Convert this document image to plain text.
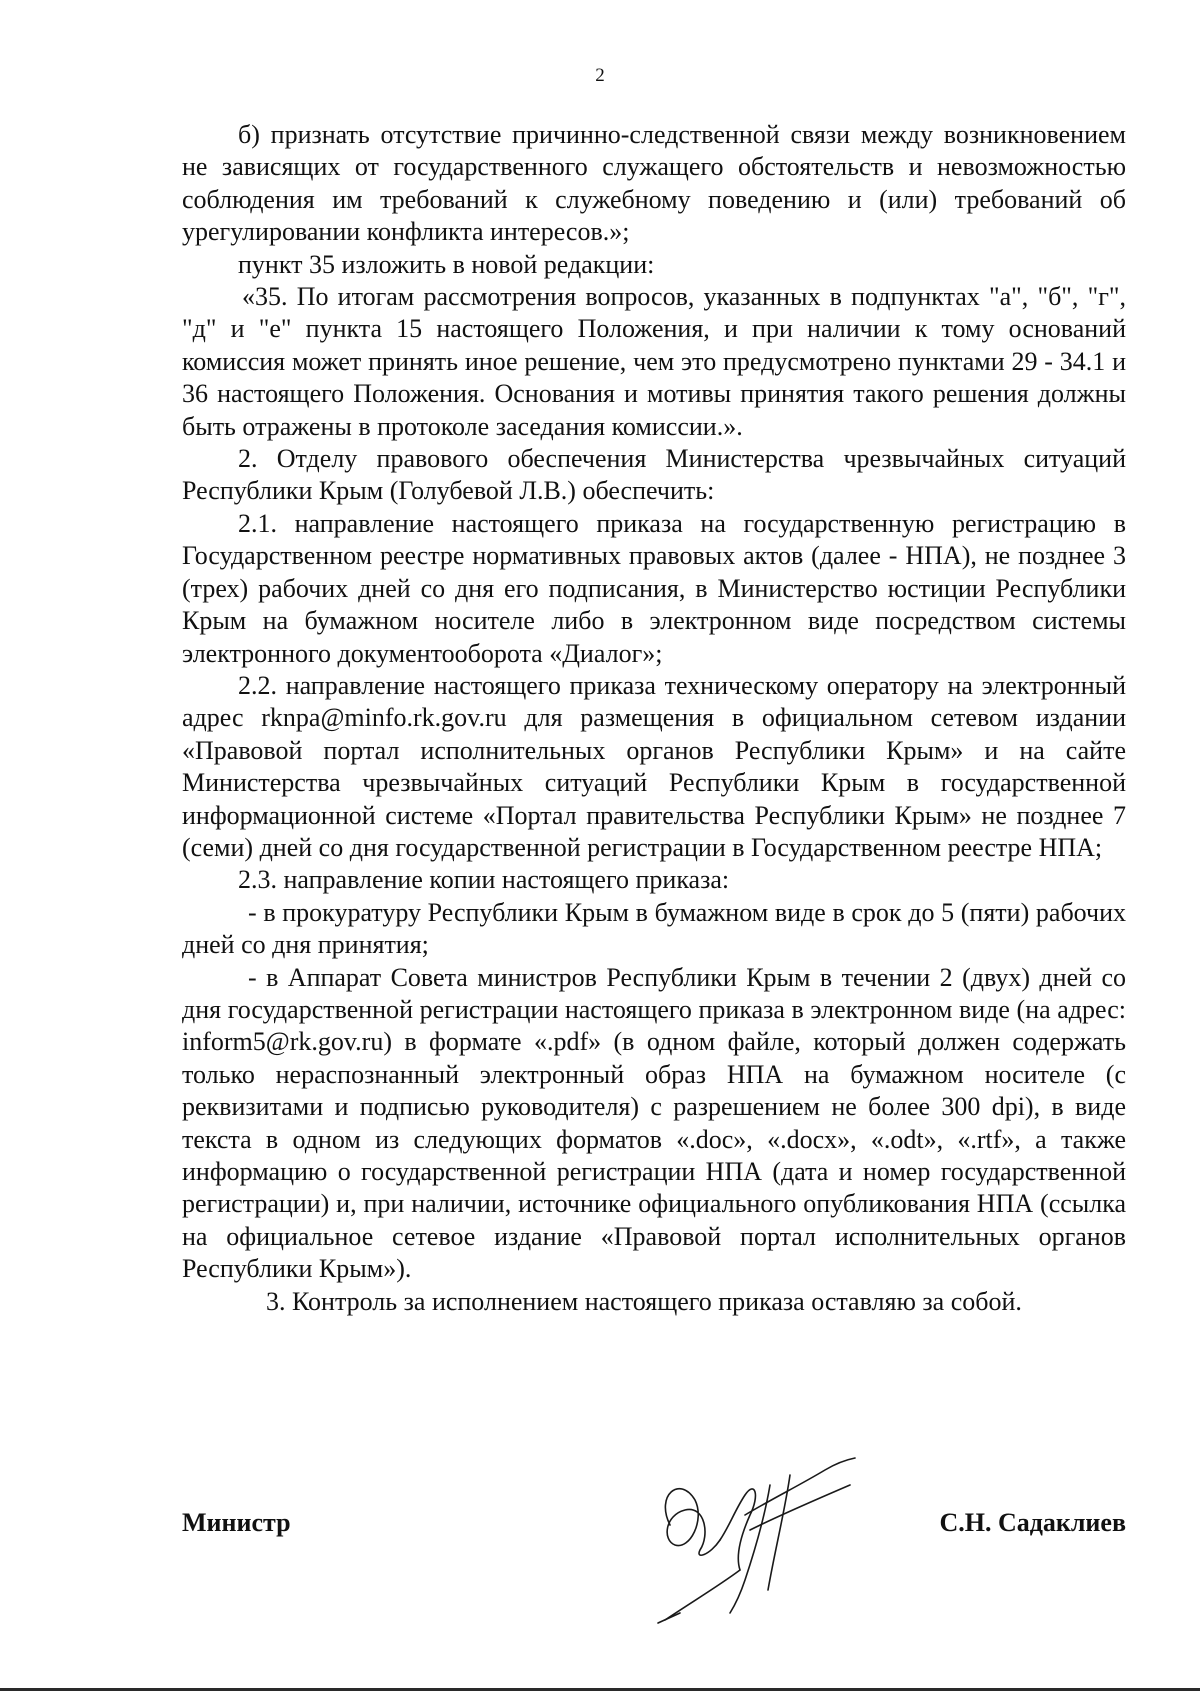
2

б) признать отсутствие причинно-следственной связи между возникновением не зависящих от государственного служащего обстоятельств и невозможностью соблюдения им требований к служебному поведению и (или) требований об урегулировании конфликта интересов.»;

пункт 35 изложить в новой редакции:

«35. По итогам рассмотрения вопросов, указанных в подпунктах "а", "б", "г", "д" и "е" пункта 15 настоящего Положения, и при наличии к тому оснований комиссия может принять иное решение, чем это предусмотрено пунктами 29 - 34.1 и 36 настоящего Положения. Основания и мотивы принятия такого решения должны быть отражены в протоколе заседания комиссии.».

2. Отделу правового обеспечения Министерства чрезвычайных ситуаций Республики Крым (Голубевой Л.В.) обеспечить:

2.1. направление настоящего приказа на государственную регистрацию в Государственном реестре нормативных правовых актов (далее - НПА), не позднее 3 (трех) рабочих дней со дня его подписания, в Министерство юстиции Республики Крым на бумажном носителе либо в электронном виде посредством системы электронного документооборота «Диалог»;

2.2. направление настоящего приказа техническому оператору на электронный адрес rknpa@minfo.rk.gov.ru для размещения в официальном сетевом издании «Правовой портал исполнительных органов Республики Крым» и на сайте Министерства чрезвычайных ситуаций Республики Крым в государственной информационной системе «Портал правительства Республики Крым» не позднее 7 (семи) дней со дня государственной регистрации в Государственном реестре НПА;

2.3. направление копии настоящего приказа:

- в прокуратуру Республики Крым в бумажном виде в срок до 5 (пяти) рабочих дней со дня принятия;

- в Аппарат Совета министров Республики Крым в течении 2 (двух) дней со дня государственной регистрации настоящего приказа в электронном виде (на адрес: inform5@rk.gov.ru) в формате «.pdf» (в одном файле, который должен содержать только нераспознанный электронный образ НПА на бумажном носителе (с реквизитами и подписью руководителя) с разрешением не более 300 dpi), в виде текста в одном из следующих форматов «.doc», «.docx», «.odt», «.rtf», а также информацию о государственной регистрации НПА (дата и номер государственной регистрации) и, при наличии, источнике официального опубликования НПА (ссылка на официальное сетевое издание «Правовой портал исполнительных органов Республики Крым»).

3. Контроль за исполнением настоящего приказа оставляю за собой.

Министр	С.Н. Садаклиев
